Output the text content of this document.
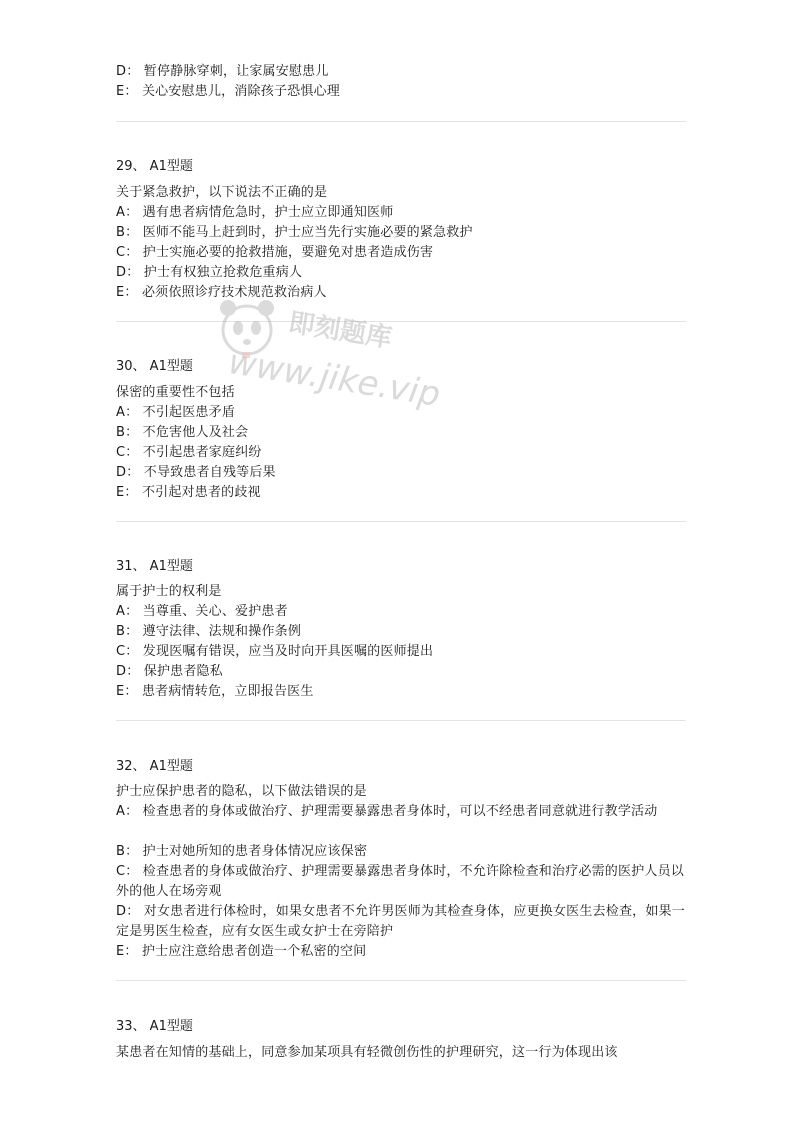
D： 暂停静脉穿刺，让家属安慰患儿
E： 关心安慰患儿，消除孩子恐惧心理
29、 A1型题
关于紧急救护，以下说法不正确的是
A： 遇有患者病情危急时，护士应立即通知医师
B： 医师不能马上赶到时，护士应当先行实施必要的紧急救护
C： 护士实施必要的抢救措施，要避免对患者造成伤害
D： 护士有权独立抢救危重病人
E： 必须依照诊疗技术规范救治病人
30、 A1型题
保密的重要性不包括
A： 不引起医患矛盾
B： 不危害他人及社会
C： 不引起患者家庭纠纷
D： 不导致患者自残等后果
E： 不引起对患者的歧视
31、 A1型题
属于护士的权利是
A： 当尊重、关心、爱护患者
B： 遵守法律、法规和操作条例
C： 发现医嘱有错误，应当及时向开具医嘱的医师提出
D： 保护患者隐私
E： 患者病情转危，立即报告医生
32、 A1型题
护士应保护患者的隐私，以下做法错误的是
A： 检查患者的身体或做治疗、护理需要暴露患者身体时，可以不经患者同意就进行教学活动
B： 护士对她所知的患者身体情况应该保密
C： 检查患者的身体或做治疗、护理需要暴露患者身体时，不允许除检查和治疗必需的医护人员以外的他人在场旁观
D： 对女患者进行体检时，如果女患者不允许男医师为其检查身体，应更换女医生去检查，如果一定是男医生检查，应有女医生或女护士在旁陪护
E： 护士应注意给患者创造一个私密的空间
33、 A1型题
某患者在知情的基础上，同意参加某项具有轻微创伤性的护理研究，这一行为体现出该
即刻题库
www.jike.vip
